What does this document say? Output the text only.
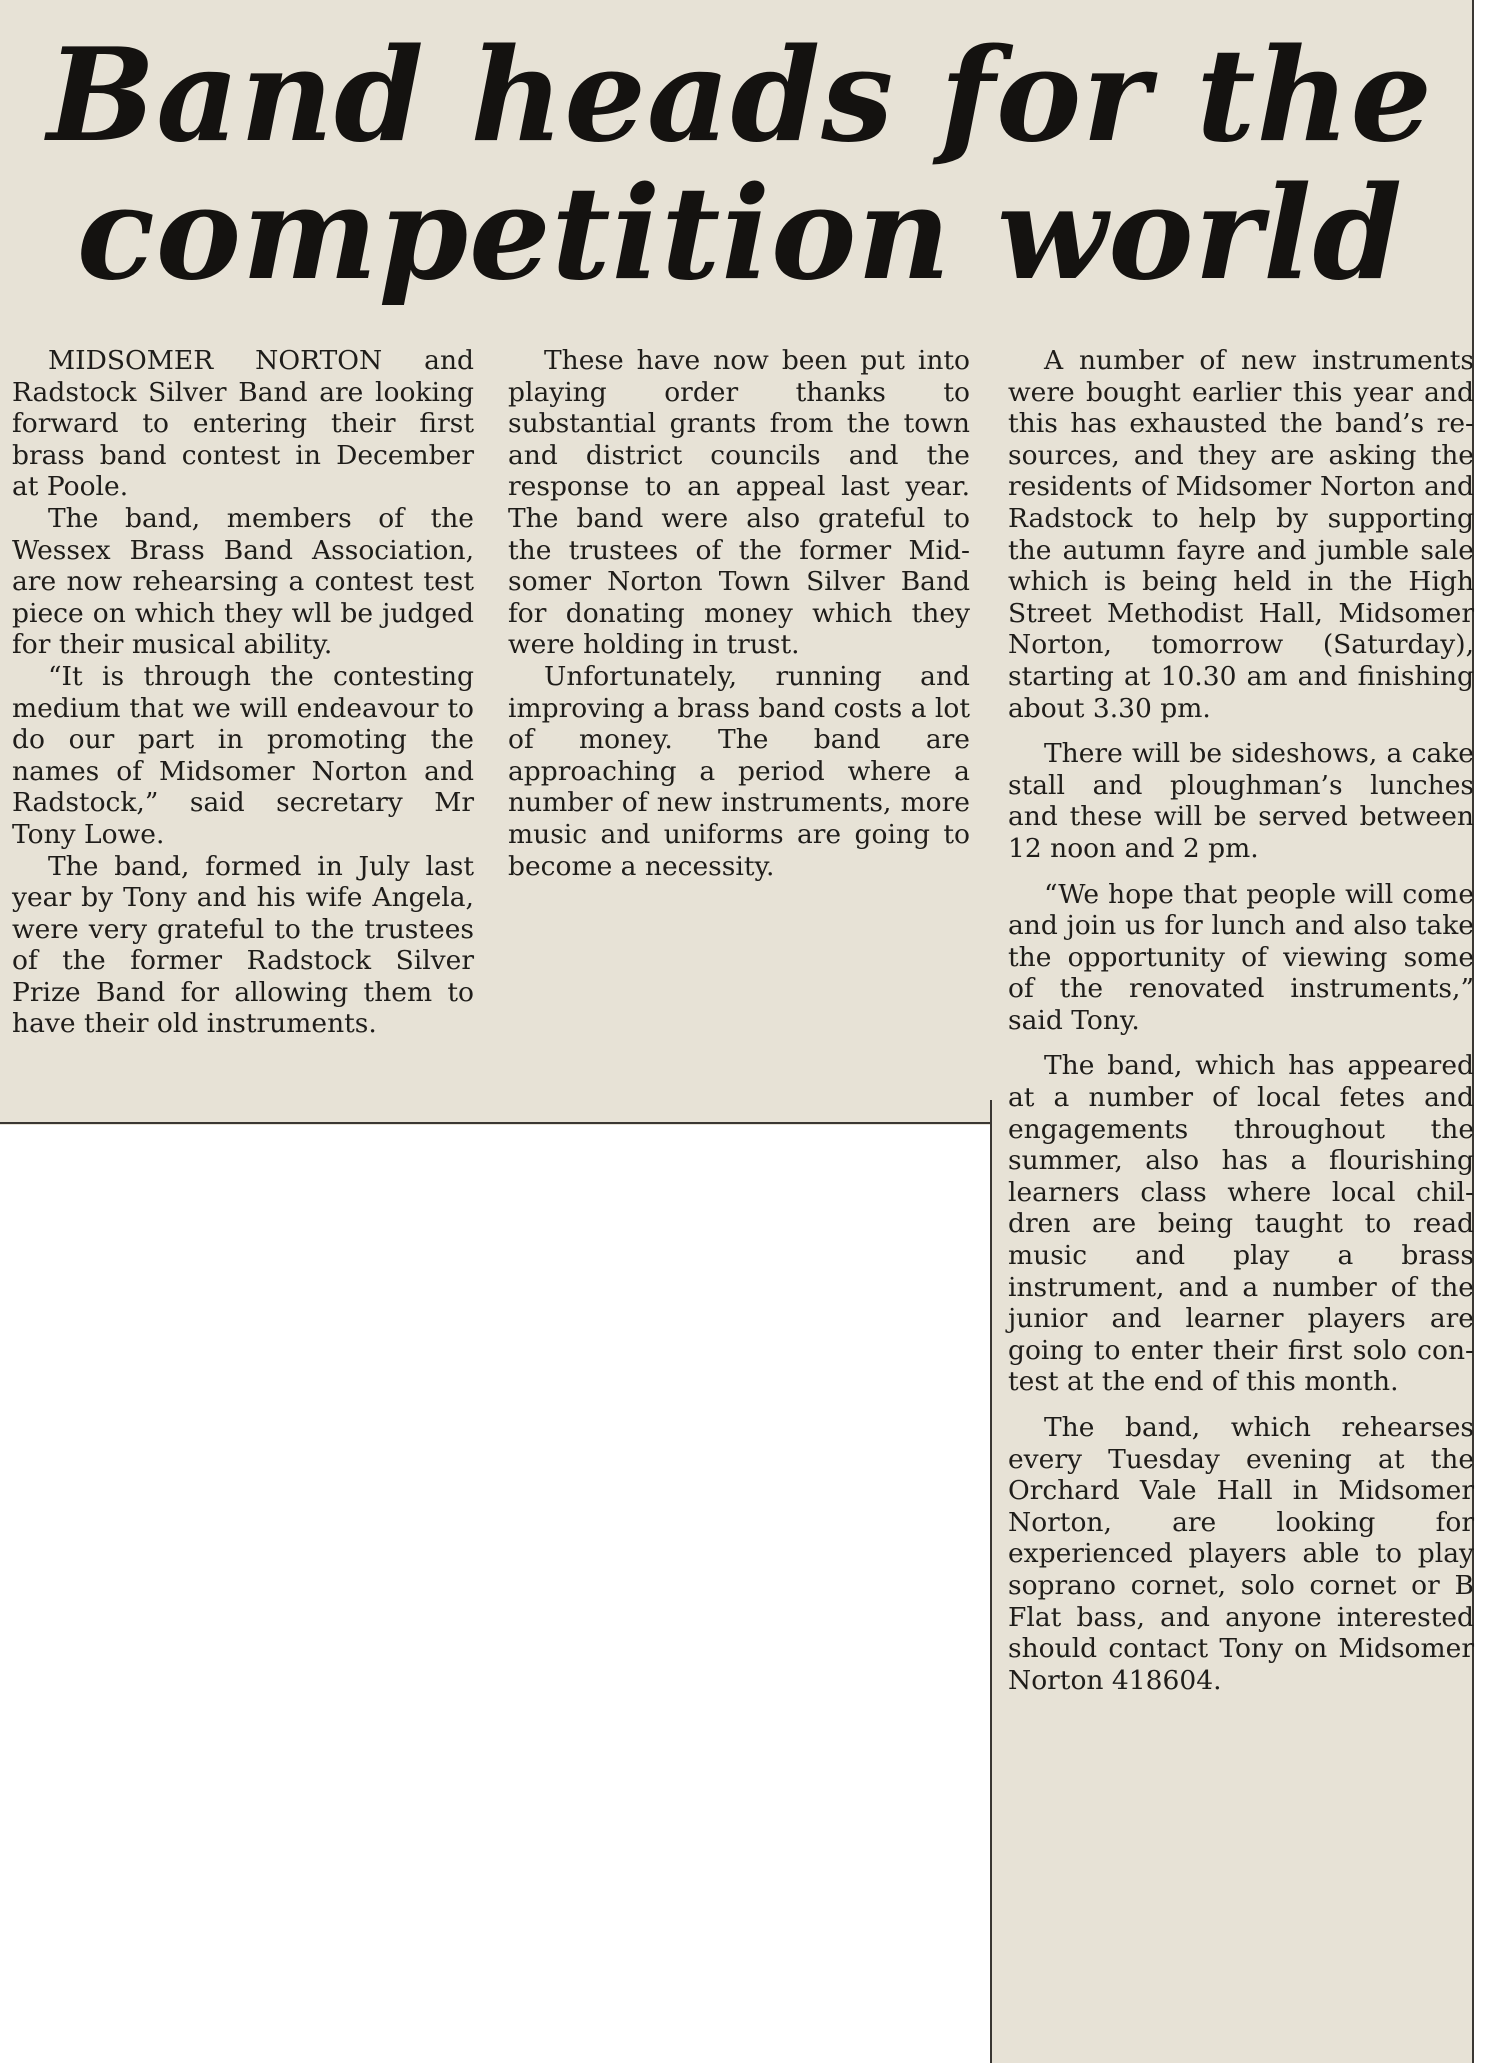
Band heads for the
competition world

MIDSOMER NORTON and Radstock Silver Band are looking forward to entering their first brass band contest in December at Poole.

The band, members of the Wessex Brass Band Association, are now rehearsing a contest test piece on which they wll be judged for their musical ability.

“It is through the contesting medium that we will endeavour to do our part in promoting the names of Midsomer Norton and Radstock,” said secretary Mr Tony Lowe.

The band, formed in July last year by Tony and his wife Angela, were very grateful to the trustees of the former Radstock Silver Prize Band for allowing them to have their old instruments.

These have now been put into playing order thanks to substantial grants from the town and district councils and the response to an appeal last year. The band were also grateful to the trustees of the former Midsomer Norton Town Silver Band for donating money which they were holding in trust.

Unfortunately, running and improving a brass band costs a lot of money. The band are approaching a period where a number of new instruments, more music and uniforms are going to become a necessity.

A number of new instruments were bought earlier this year and this has exhausted the band’s resources, and they are asking the residents of Midsomer Norton and Radstock to help by supporting the autumn fayre and jumble sale which is being held in the High Street Methodist Hall, Midsomer Norton, tomorrow (Saturday), starting at 10.30 am and finishing about 3.30 pm.

There will be sideshows, a cake stall and ploughman’s lunches and these will be served between 12 noon and 2 pm.

“We hope that people will come and join us for lunch and also take the opportunity of viewing some of the renovated instruments,” said Tony.

The band, which has appeared at a number of local fetes and engagements throughout the summer, also has a flourishing learners class where local children are being taught to read music and play a brass instrument, and a number of the junior and learner players are going to enter their first solo contest at the end of this month.

The band, which rehearses every Tuesday evening at the Orchard Vale Hall in Midsomer Norton, are looking for experienced players able to play soprano cornet, solo cornet or B Flat bass, and anyone interested should contact Tony on Midsomer Norton 418604.
